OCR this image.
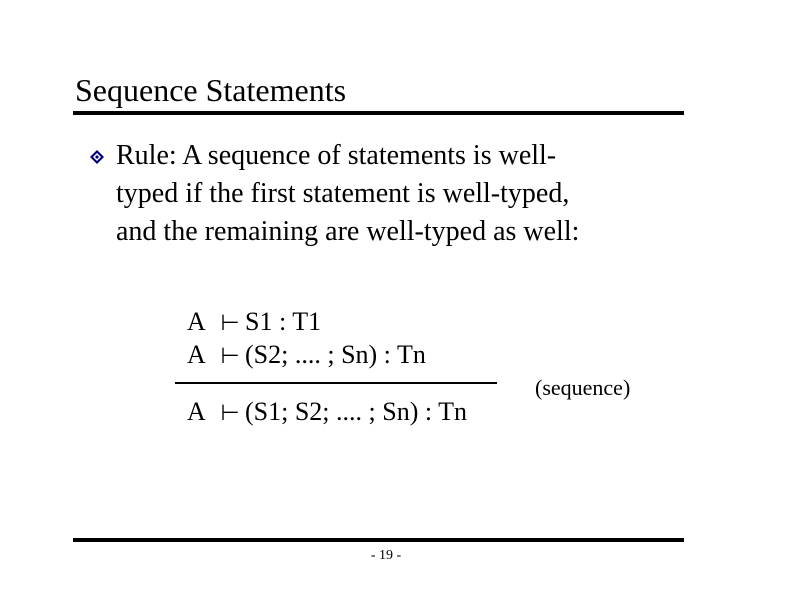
Sequence Statements
Rule: A sequence of statements is well-
typed if the first statement is well-typed,
and the remaining are well-typed as well:
A ⊢ S1 : T1
A ⊢ (S2; .... ; Sn) : Tn
A ⊢ (S1; S2; .... ; Sn) : Tn
(sequence)
- 19 -
